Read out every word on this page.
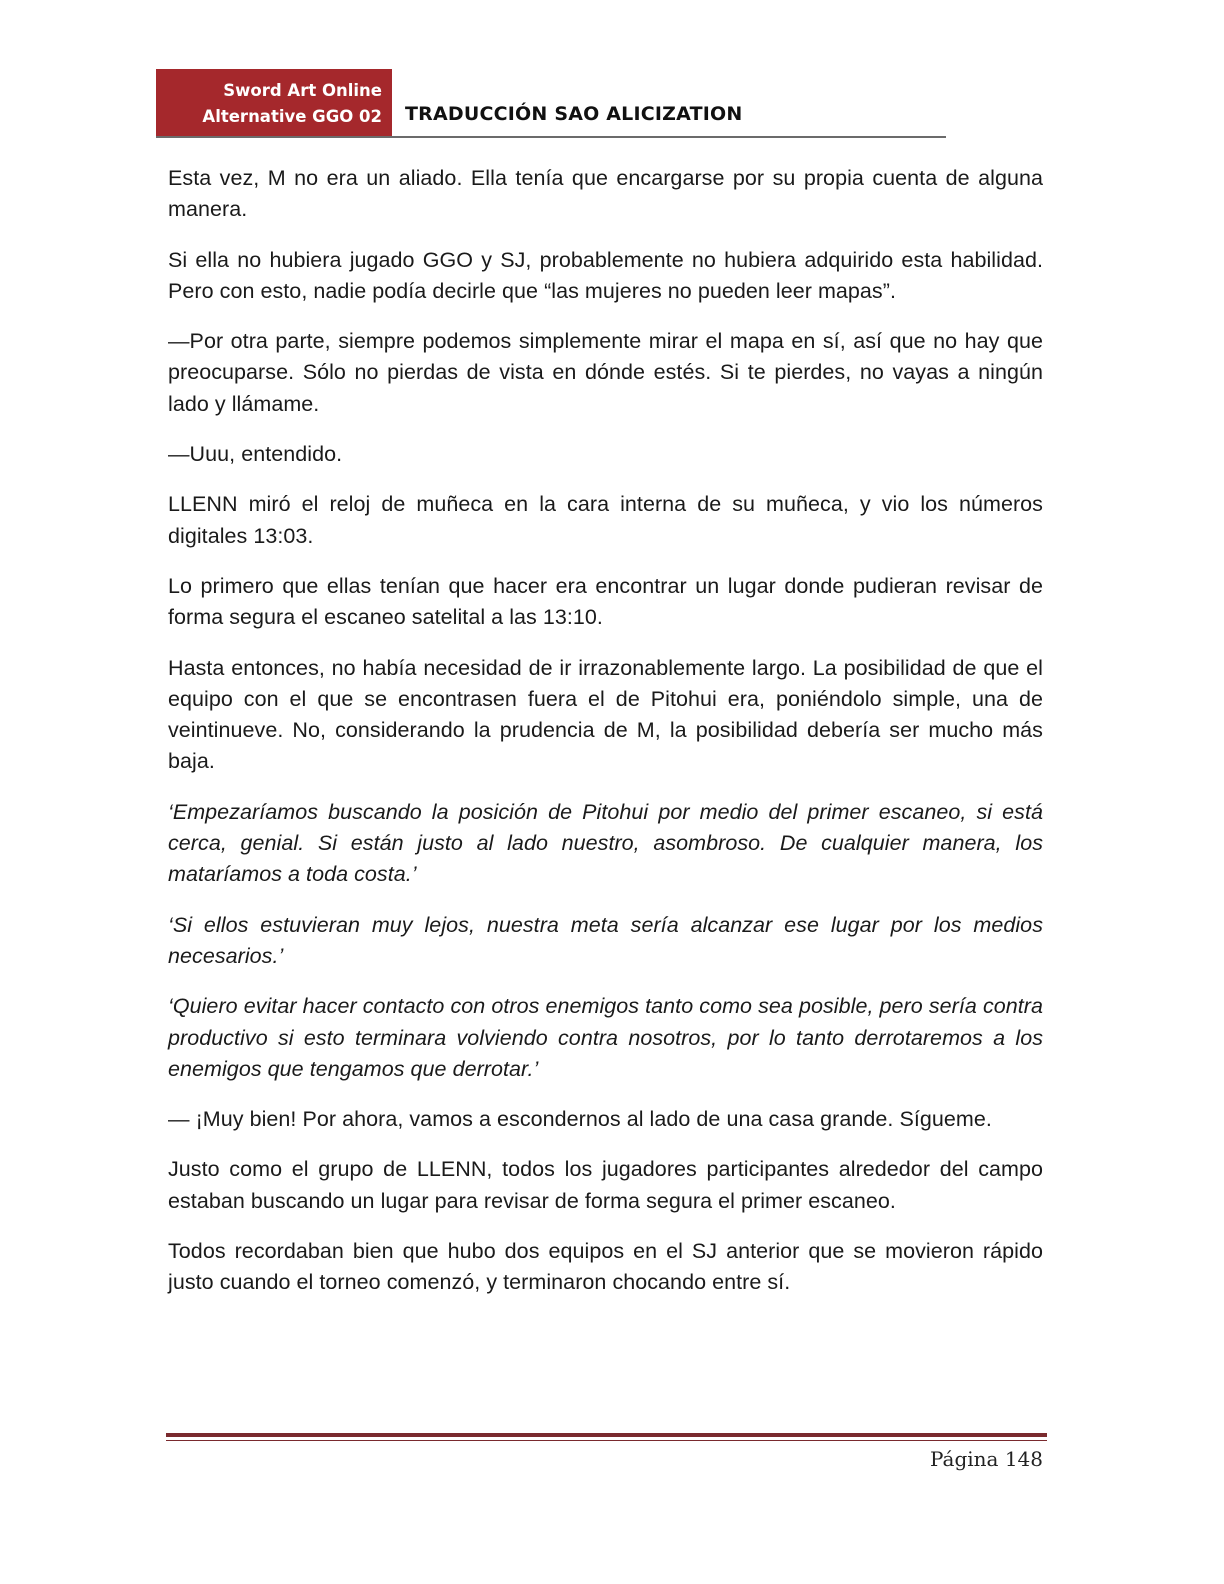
Sword Art Online
Alternative GGO 02 TRADUCCIÓN SAO ALICIZATION

Esta vez, M no era un aliado. Ella tenía que encargarse por su propia cuenta de alguna manera.

Si ella no hubiera jugado GGO y SJ, probablemente no hubiera adquirido esta habilidad. Pero con esto, nadie podía decirle que “las mujeres no pueden leer mapas”.

—Por otra parte, siempre podemos simplemente mirar el mapa en sí, así que no hay que preocuparse. Sólo no pierdas de vista en dónde estés. Si te pierdes, no vayas a ningún lado y llámame.

—Uuu, entendido.

LLENN miró el reloj de muñeca en la cara interna de su muñeca, y vio los números digitales 13:03.

Lo primero que ellas tenían que hacer era encontrar un lugar donde pudieran revisar de forma segura el escaneo satelital a las 13:10.

Hasta entonces, no había necesidad de ir irrazonablemente largo. La posibilidad de que el equipo con el que se encontrasen fuera el de Pitohui era, poniéndolo simple, una de veintinueve. No, considerando la prudencia de M, la posibilidad debería ser mucho más baja.

‘Empezaríamos buscando la posición de Pitohui por medio del primer escaneo, si está cerca, genial. Si están justo al lado nuestro, asombroso. De cualquier manera, los mataríamos a toda costa.’

‘Si ellos estuvieran muy lejos, nuestra meta sería alcanzar ese lugar por los medios necesarios.’

‘Quiero evitar hacer contacto con otros enemigos tanto como sea posible, pero sería contra productivo si esto terminara volviendo contra nosotros, por lo tanto derrotaremos a los enemigos que tengamos que derrotar.’

— ¡Muy bien! Por ahora, vamos a escondernos al lado de una casa grande. Sígueme.

Justo como el grupo de LLENN, todos los jugadores participantes alrededor del campo estaban buscando un lugar para revisar de forma segura el primer escaneo.

Todos recordaban bien que hubo dos equipos en el SJ anterior que se movieron rápido justo cuando el torneo comenzó, y terminaron chocando entre sí.

Página 148
